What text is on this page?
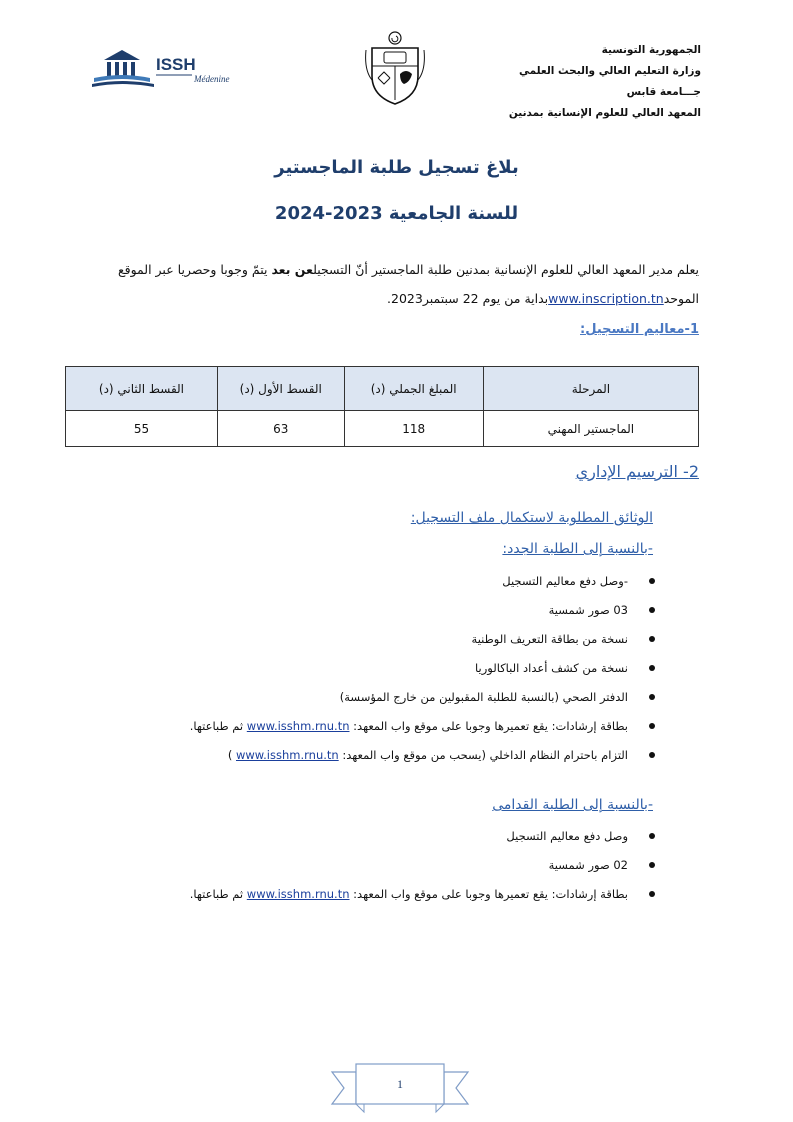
الجمهورية التونسية
وزارة التعليم العالي والبحث العلمي
جـــامعة قابس
المعهد العالي للعلوم الإنسانية بمدنين
ISSH
Médenine
بلاغ تسجيل طلبة الماجستير
للسنة الجامعية 2023-2024
يعلم مدير المعهد العالي للعلوم الإنسانية بمدنين طلبة الماجستير أنّ التسجيلعن بعد يتمّ وجوبا وحصريا عبر الموقع الموحدwww.inscription.tnبداية من يوم 22 سبتمبر2023.
1-معاليم التسجيل:
المرحلة	المبلغ الجملي (د)	القسط الأول (د)	القسط الثاني (د)
الماجستير المهني	118	63	55
2- الترسيم الإداري
الوثائق المطلوبة لاستكمال ملف التسجيل:
-بالنسبة إلى الطلبة الجدد:
-وصل دفع معاليم التسجيل
03 صور شمسية
نسخة من بطاقة التعريف الوطنية
نسخة من كشف أعداد الباكالوريا
الدفتر الصحي (بالنسبة للطلبة المقبولين من خارج المؤسسة)
بطاقة إرشادات: يقع تعميرها وجوبا على موقع واب المعهد: www.isshm.rnu.tn ثم طباعتها.
التزام باحترام النظام الداخلي (يسحب من موقع واب المعهد: www.isshm.rnu.tn )
-بالنسبة إلى الطلبة القدامى
وصل دفع معاليم التسجيل
02 صور شمسية
بطاقة إرشادات: يقع تعميرها وجوبا على موقع واب المعهد: www.isshm.rnu.tn ثم طباعتها.
1
